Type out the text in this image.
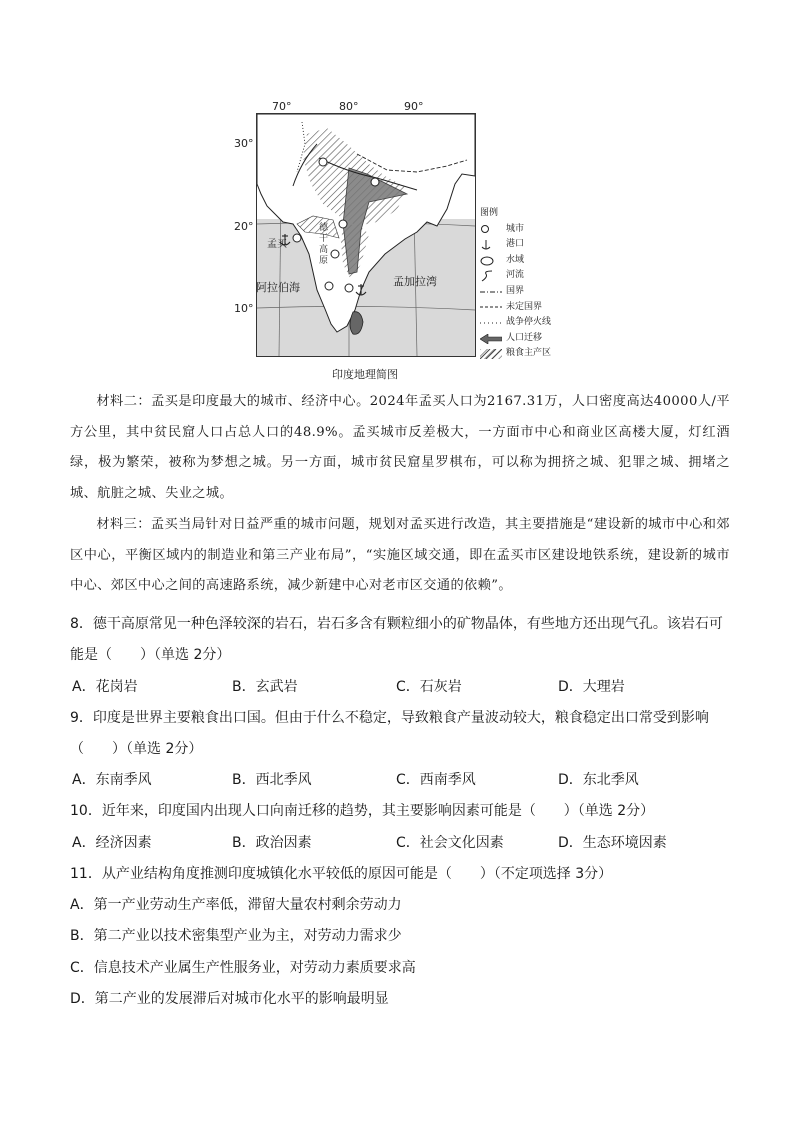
70°	80°	90°
30°
20°
10°
孟买
德干高原
阿拉伯海	孟加拉湾
图例
城市
港口
水域
河流
国界
未定国界
战争停火线
人口迁移
粮食主产区
印度地理简图
材料二：孟买是印度最大的城市、经济中心。2024年孟买人口为2167.31万，人口密度高达40000人/平方公里，其中贫民窟人口占总人口的48.9%。孟买城市反差极大，一方面市中心和商业区高楼大厦，灯红酒绿，极为繁荣，被称为梦想之城。另一方面，城市贫民窟星罗棋布，可以称为拥挤之城、犯罪之城、拥堵之城、航脏之城、失业之城。
材料三：孟买当局针对日益严重的城市问题，规划对孟买进行改造，其主要措施是“建设新的城市中心和郊区中心，平衡区域内的制造业和第三产业布局”，“实施区域交通，即在孟买市区建设地铁系统，建设新的城市中心、郊区中心之间的高速路系统，减少新建中心对老市区交通的依赖”。
8．德干高原常见一种色泽较深的岩石，岩石多含有颗粒细小的矿物晶体，有些地方还出现气孔。该岩石可
能是（　　）（单选 2分）
A．花岗岩	B．玄武岩	C．石灰岩	D．大理岩
9．印度是世界主要粮食出口国。但由于什么不稳定，导致粮食产量波动较大，粮食稳定出口常受到影响
（　　）（单选 2分）
A．东南季风	B．西北季风	C．西南季风	D．东北季风
10．近年来，印度国内出现人口向南迁移的趋势，其主要影响因素可能是（　　）（单选 2分）
A．经济因素	B．政治因素	C．社会文化因素	D．生态环境因素
11．从产业结构角度推测印度城镇化水平较低的原因可能是（　　）（不定项选择 3分）
A．第一产业劳动生产率低，滞留大量农村剩余劳动力
B．第二产业以技术密集型产业为主，对劳动力需求少
C．信息技术产业属生产性服务业，对劳动力素质要求高
D．第二产业的发展滞后对城市化水平的影响最明显
